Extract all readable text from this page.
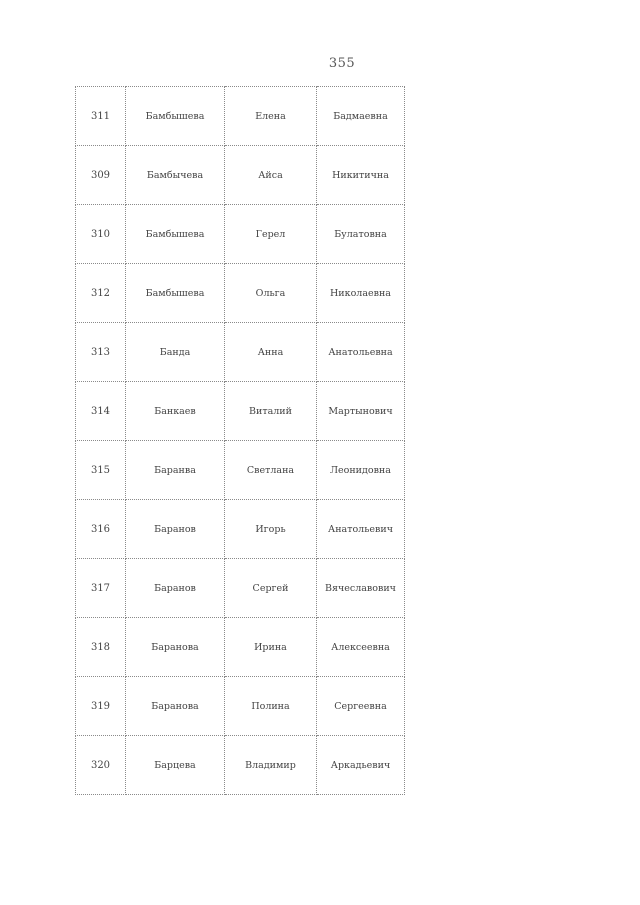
355
311	Бамбышева	Елена	Бадмаевна
309	Бамбычева	Айса	Никитична
310	Бамбышева	Герел	Булатовна
312	Бамбышева	Ольга	Николаевна
313	Банда	Анна	Анатольевна
314	Банкаев	Виталий	Мартынович
315	Баранва	Светлана	Леонидовна
316	Баранов	Игорь	Анатольевич
317	Баранов	Сергей	Вячеславович
318	Баранова	Ирина	Алексеевна
319	Баранова	Полина	Сергеевна
320	Барцева	Владимир	Аркадьевич
